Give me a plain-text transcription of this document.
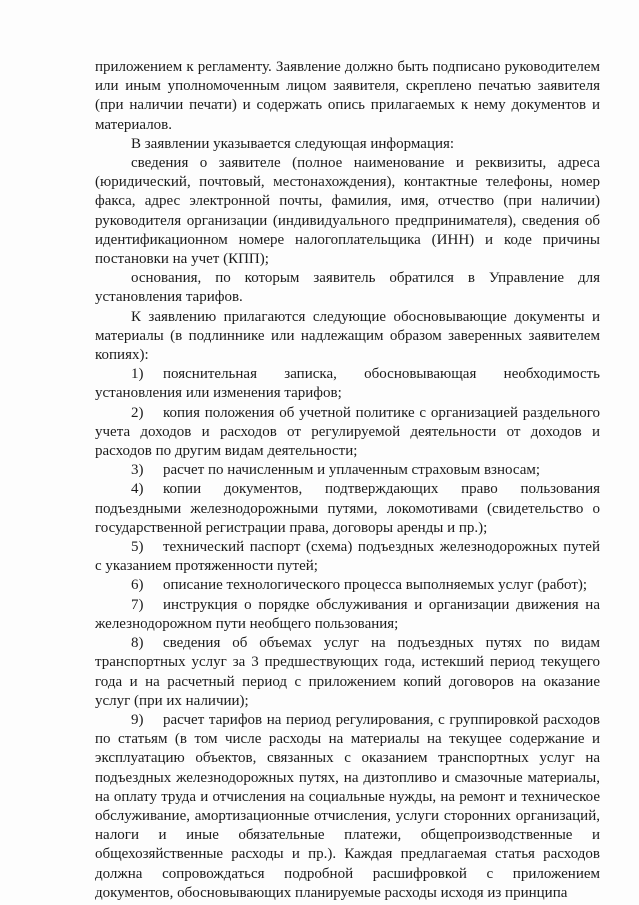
приложением к регламенту. Заявление должно быть подписано руководителем или иным уполномоченным лицом заявителя, скреплено печатью заявителя (при наличии печати) и содержать опись прилагаемых к нему документов и материалов.

В заявлении указывается следующая информация:

сведения о заявителе (полное наименование и реквизиты, адреса (юридический, почтовый, местонахождения), контактные телефоны, номер факса, адрес электронной почты, фамилия, имя, отчество (при наличии) руководителя организации (индивидуального предпринимателя), сведения об идентификационном номере налогоплательщика (ИНН) и коде причины постановки на учет (КПП);

основания, по которым заявитель обратился в Управление для установления тарифов.

К заявлению прилагаются следующие обосновывающие документы и материалы (в подлиннике или надлежащим образом заверенных заявителем копиях):

1) пояснительная записка, обосновывающая необходимость установления или изменения тарифов;

2) копия положения об учетной политике с организацией раздельного учета доходов и расходов от регулируемой деятельности от доходов и расходов по другим видам деятельности;

3) расчет по начисленным и уплаченным страховым взносам;

4) копии документов, подтверждающих право пользования подъездными железнодорожными путями, локомотивами (свидетельство о государственной регистрации права, договоры аренды и пр.);

5) технический паспорт (схема) подъездных железнодорожных путей с указанием протяженности путей;

6) описание технологического процесса выполняемых услуг (работ);

7) инструкция о порядке обслуживания и организации движения на железнодорожном пути необщего пользования;

8) сведения об объемах услуг на подъездных путях по видам транспортных услуг за 3 предшествующих года, истекший период текущего года и на расчетный период с приложением копий договоров на оказание услуг (при их наличии);

9) расчет тарифов на период регулирования, с группировкой расходов по статьям (в том числе расходы на материалы на текущее содержание и эксплуатацию объектов, связанных с оказанием транспортных услуг на подъездных железнодорожных путях, на дизтопливо и смазочные материалы, на оплату труда и отчисления на социальные нужды, на ремонт и техническое обслуживание, амортизационные отчисления, услуги сторонних организаций, налоги и иные обязательные платежи, общепроизводственные и общехозяйственные расходы и пр.). Каждая предлагаемая статья расходов должна сопровождаться подробной расшифровкой с приложением документов, обосновывающих планируемые расходы исходя из принципа
